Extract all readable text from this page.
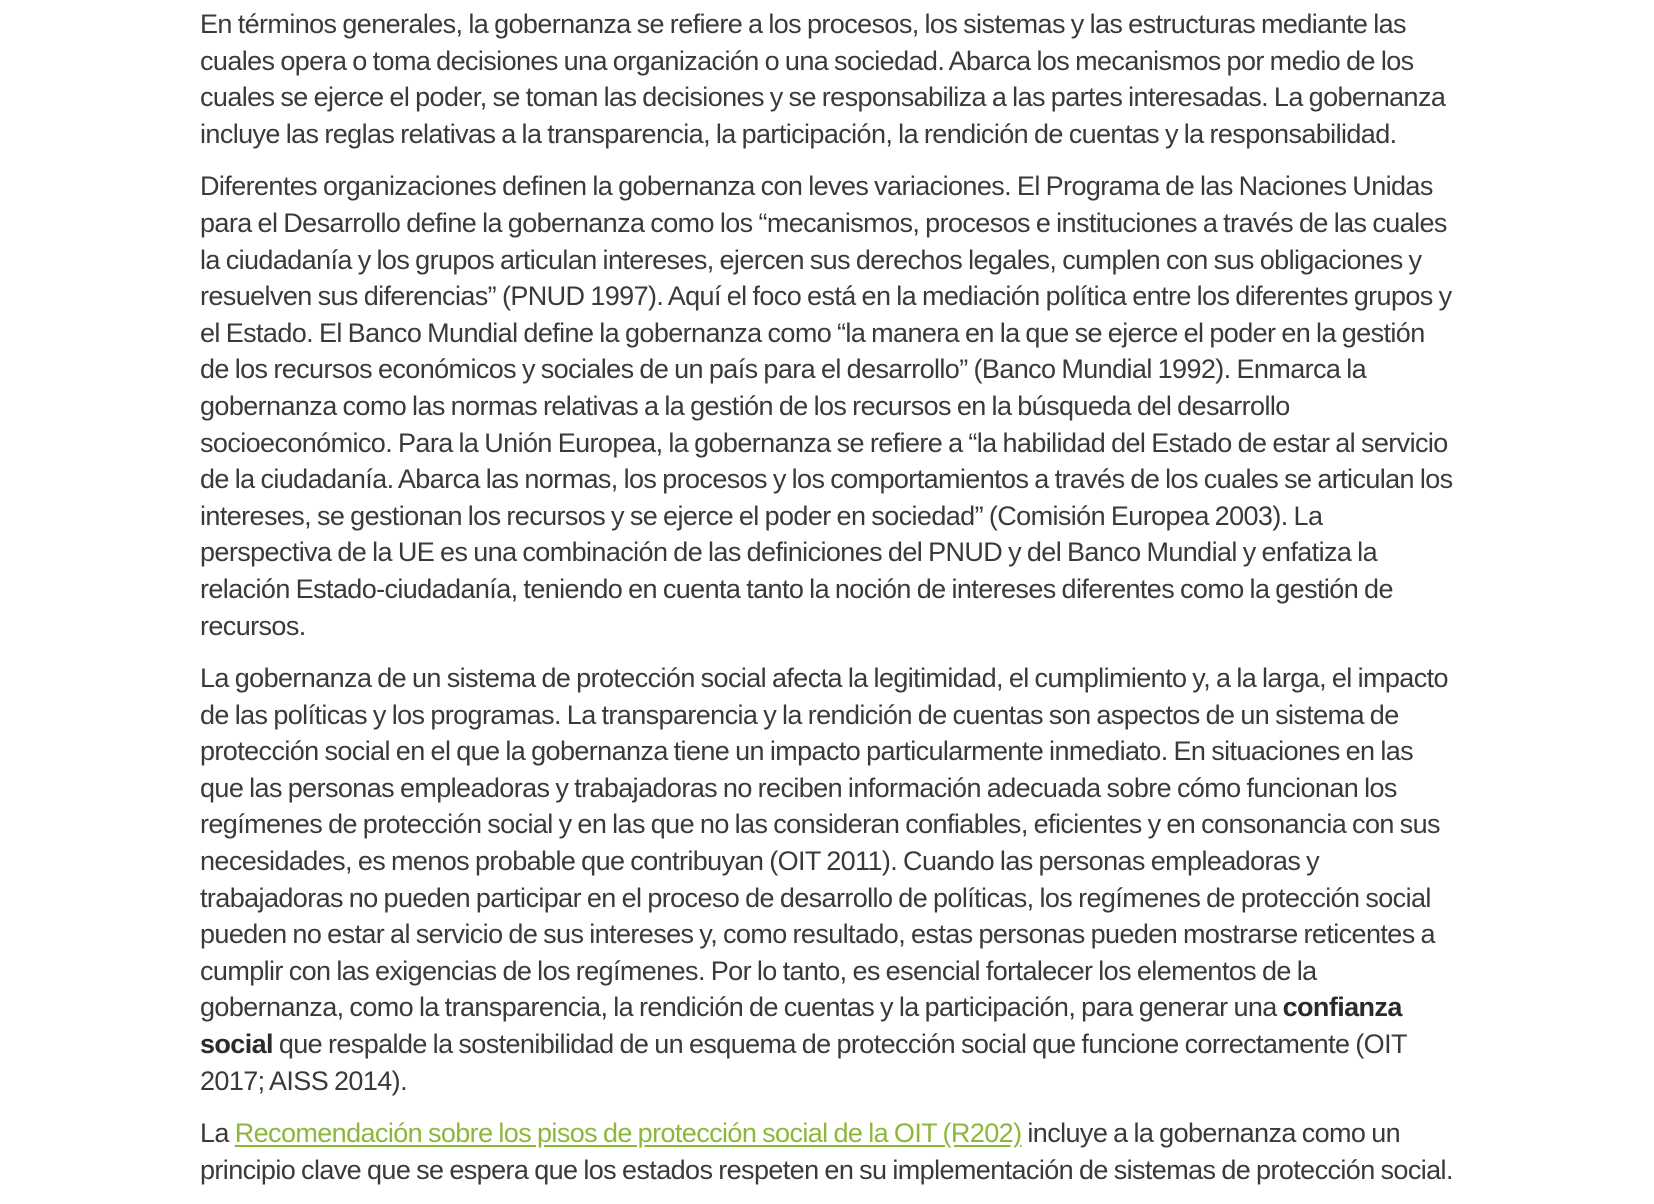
En términos generales, la gobernanza se refiere a los procesos, los sistemas y las estructuras mediante las cuales opera o toma decisiones una organización o una sociedad. Abarca los mecanismos por medio de los cuales se ejerce el poder, se toman las decisiones y se responsabiliza a las partes interesadas. La gobernanza incluye las reglas relativas a la transparencia, la participación, la rendición de cuentas y la responsabilidad.

Diferentes organizaciones definen la gobernanza con leves variaciones. El Programa de las Naciones Unidas para el Desarrollo define la gobernanza como los “mecanismos, procesos e instituciones a través de las cuales la ciudadanía y los grupos articulan intereses, ejercen sus derechos legales, cumplen con sus obligaciones y resuelven sus diferencias” (PNUD 1997). Aquí el foco está en la mediación política entre los diferentes grupos y el Estado. El Banco Mundial define la gobernanza como “la manera en la que se ejerce el poder en la gestión de los recursos económicos y sociales de un país para el desarrollo” (Banco Mundial 1992). Enmarca la gobernanza como las normas relativas a la gestión de los recursos en la búsqueda del desarrollo socioeconómico. Para la Unión Europea, la gobernanza se refiere a “la habilidad del Estado de estar al servicio de la ciudadanía. Abarca las normas, los procesos y los comportamientos a través de los cuales se articulan los intereses, se gestionan los recursos y se ejerce el poder en sociedad” (Comisión Europea 2003). La perspectiva de la UE es una combinación de las definiciones del PNUD y del Banco Mundial y enfatiza la relación Estado-ciudadanía, teniendo en cuenta tanto la noción de intereses diferentes como la gestión de recursos.

La gobernanza de un sistema de protección social afecta la legitimidad, el cumplimiento y, a la larga, el impacto de las políticas y los programas. La transparencia y la rendición de cuentas son aspectos de un sistema de protección social en el que la gobernanza tiene un impacto particularmente inmediato. En situaciones en las que las personas empleadoras y trabajadoras no reciben información adecuada sobre cómo funcionan los regímenes de protección social y en las que no las consideran confiables, eficientes y en consonancia con sus necesidades, es menos probable que contribuyan (OIT 2011). Cuando las personas empleadoras y trabajadoras no pueden participar en el proceso de desarrollo de políticas, los regímenes de protección social pueden no estar al servicio de sus intereses y, como resultado, estas personas pueden mostrarse reticentes a cumplir con las exigencias de los regímenes. Por lo tanto, es esencial fortalecer los elementos de la gobernanza, como la transparencia, la rendición de cuentas y la participación, para generar una confianza social que respalde la sostenibilidad de un esquema de protección social que funcione correctamente (OIT 2017; AISS 2014).

La Recomendación sobre los pisos de protección social de la OIT (R202) incluye a la gobernanza como un principio clave que se espera que los estados respeten en su implementación de sistemas de protección social.
